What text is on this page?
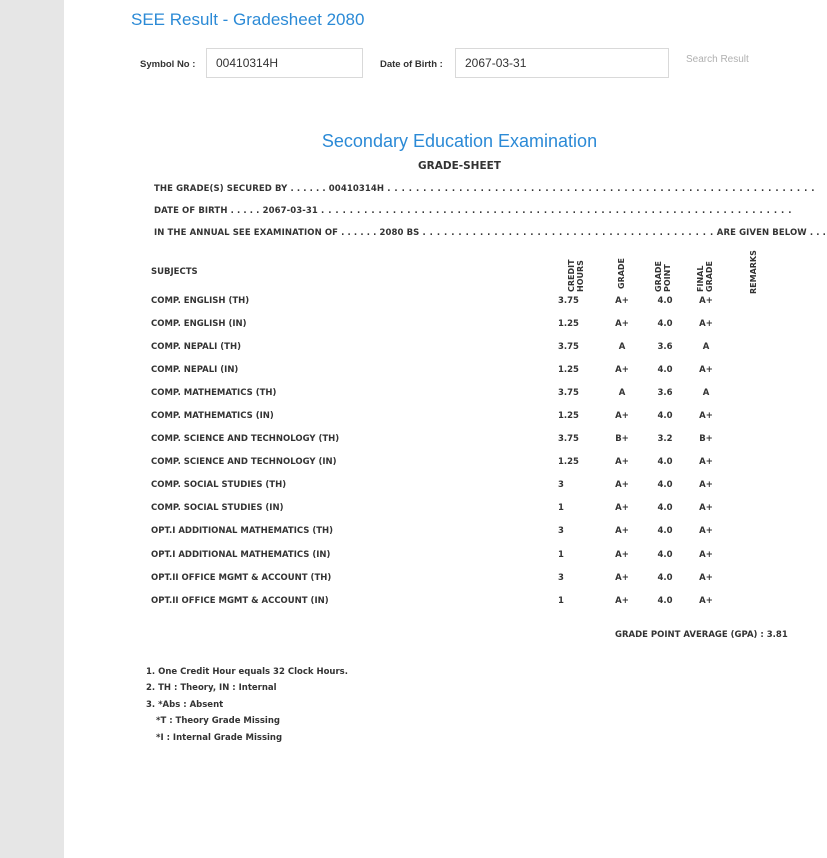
SEE Result - Gradesheet 2080
Symbol No :
00410314H	Date of Birth :
2067-03-31	Search Result
Secondary Education Examination
GRADE-SHEET
THE GRADE(S) SECURED BY . . . . . . 00410314H . . . . . . . . . . . . . . . . . . . . . . . . . . . . . . . . . . . . . . . . . . . . . . . . . . . . . . . . . . . .
DATE OF BIRTH . . . . . 2067-03-31 . . . . . . . . . . . . . . . . . . . . . . . . . . . . . . . . . . . . . . . . . . . . . . . . . . . . . . . . . . . . . . . . . .
IN THE ANNUAL SEE EXAMINATION OF . . . . . . 2080 BS . . . . . . . . . . . . . . . . . . . . . . . . . . . . . . . . . . . . . . . . . ARE GIVEN BELOW . . .
SUBJECTS	CREDIT HOURS	GRADE	GRADE POINT	FINAL GRADE	REMARKS
COMP. ENGLISH (TH)	3.75	A+	4.0	A+
COMP. ENGLISH (IN)	1.25	A+	4.0	A+
COMP. NEPALI (TH)	3.75	A	3.6	A
COMP. NEPALI (IN)	1.25	A+	4.0	A+
COMP. MATHEMATICS (TH)	3.75	A	3.6	A
COMP. MATHEMATICS (IN)	1.25	A+	4.0	A+
COMP. SCIENCE AND TECHNOLOGY (TH)	3.75	B+	3.2	B+
COMP. SCIENCE AND TECHNOLOGY (IN)	1.25	A+	4.0	A+
COMP. SOCIAL STUDIES (TH)	3	A+	4.0	A+
COMP. SOCIAL STUDIES (IN)	1	A+	4.0	A+
OPT.I ADDITIONAL MATHEMATICS (TH)	3	A+	4.0	A+
OPT.I ADDITIONAL MATHEMATICS (IN)	1	A+	4.0	A+
OPT.II OFFICE MGMT & ACCOUNT (TH)	3	A+	4.0	A+
OPT.II OFFICE MGMT & ACCOUNT (IN)	1	A+	4.0	A+
GRADE POINT AVERAGE (GPA) : 3.81
1. One Credit Hour equals 32 Clock Hours.
2. TH : Theory, IN : Internal
3. *Abs : Absent
*T : Theory Grade Missing
*I : Internal Grade Missing
